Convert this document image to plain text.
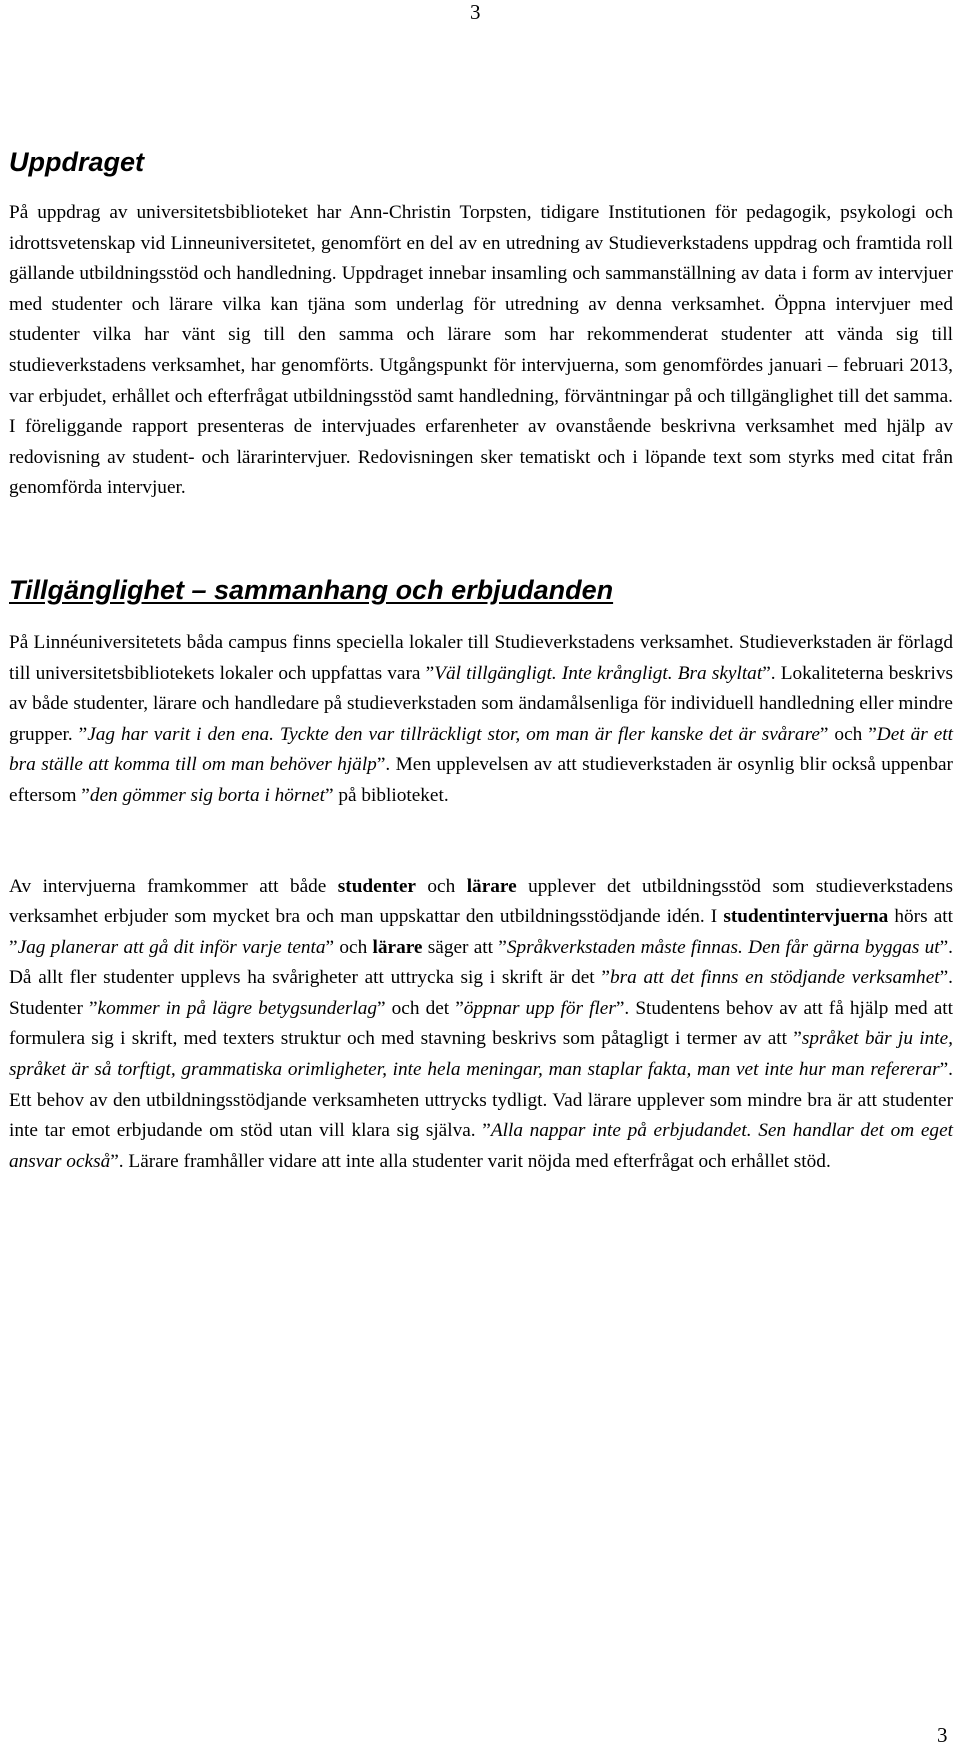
3
Uppdraget

På uppdrag av universitetsbiblioteket har Ann-Christin Torpsten, tidigare Institutionen för pedagogik, psykologi och idrottsvetenskap vid Linneuniversitetet, genomfört en del av en utredning av Studieverkstadens uppdrag och framtida roll gällande utbildningsstöd och handledning. Uppdraget innebar insamling och sammanställning av data i form av intervjuer med studenter och lärare vilka kan tjäna som underlag för utredning av denna verksamhet. Öppna intervjuer med studenter vilka har vänt sig till den samma och lärare som har rekommenderat studenter att vända sig till studieverkstadens verksamhet, har genomförts. Utgångspunkt för intervjuerna, som genomfördes januari – februari 2013, var erbjudet, erhållet och efterfrågat utbildningsstöd samt handledning, förväntningar på och tillgänglighet till det samma. I föreliggande rapport presenteras de intervjuades erfarenheter av ovanstående beskrivna verksamhet med hjälp av redovisning av student- och lärarintervjuer. Redovisningen sker tematiskt och i löpande text som styrks med citat från genomförda intervjuer.

Tillgänglighet – sammanhang och erbjudanden

På Linnéuniversitetets båda campus finns speciella lokaler till Studieverkstadens verksamhet. Studieverkstaden är förlagd till universitetsbibliotekets lokaler och uppfattas vara ”Väl tillgängligt. Inte krångligt. Bra skyltat”. Lokaliteterna beskrivs av både studenter, lärare och handledare på studieverkstaden som ändamålsenliga för individuell handledning eller mindre grupper. ”Jag har varit i den ena. Tyckte den var tillräckligt stor, om man är fler kanske det är svårare” och ”Det är ett bra ställe att komma till om man behöver hjälp”. Men upplevelsen av att studieverkstaden är osynlig blir också uppenbar eftersom ”den gömmer sig borta i hörnet” på biblioteket.

Av intervjuerna framkommer att både studenter och lärare upplever det utbildningsstöd som studieverkstadens verksamhet erbjuder som mycket bra och man uppskattar den utbildningsstödjande idén. I studentintervjuerna hörs att ”Jag planerar att gå dit inför varje tenta” och lärare säger att ”Språkverkstaden måste finnas. Den får gärna byggas ut”. Då allt fler studenter upplevs ha svårigheter att uttrycka sig i skrift är det ”bra att det finns en stödjande verksamhet”. Studenter ”kommer in på lägre betygsunderlag” och det ”öppnar upp för fler”. Studentens behov av att få hjälp med att formulera sig i skrift, med texters struktur och med stavning beskrivs som påtagligt i termer av att ”språket bär ju inte, språket är så torftigt, grammatiska orimligheter, inte hela meningar, man staplar fakta, man vet inte hur man refererar”. Ett behov av den utbildningsstödjande verksamheten uttrycks tydligt. Vad lärare upplever som mindre bra är att studenter inte tar emot erbjudande om stöd utan vill klara sig själva. ”Alla nappar inte på erbjudandet. Sen handlar det om eget ansvar också”. Lärare framhåller vidare att inte alla studenter varit nöjda med efterfrågat och erhållet stöd.

3
